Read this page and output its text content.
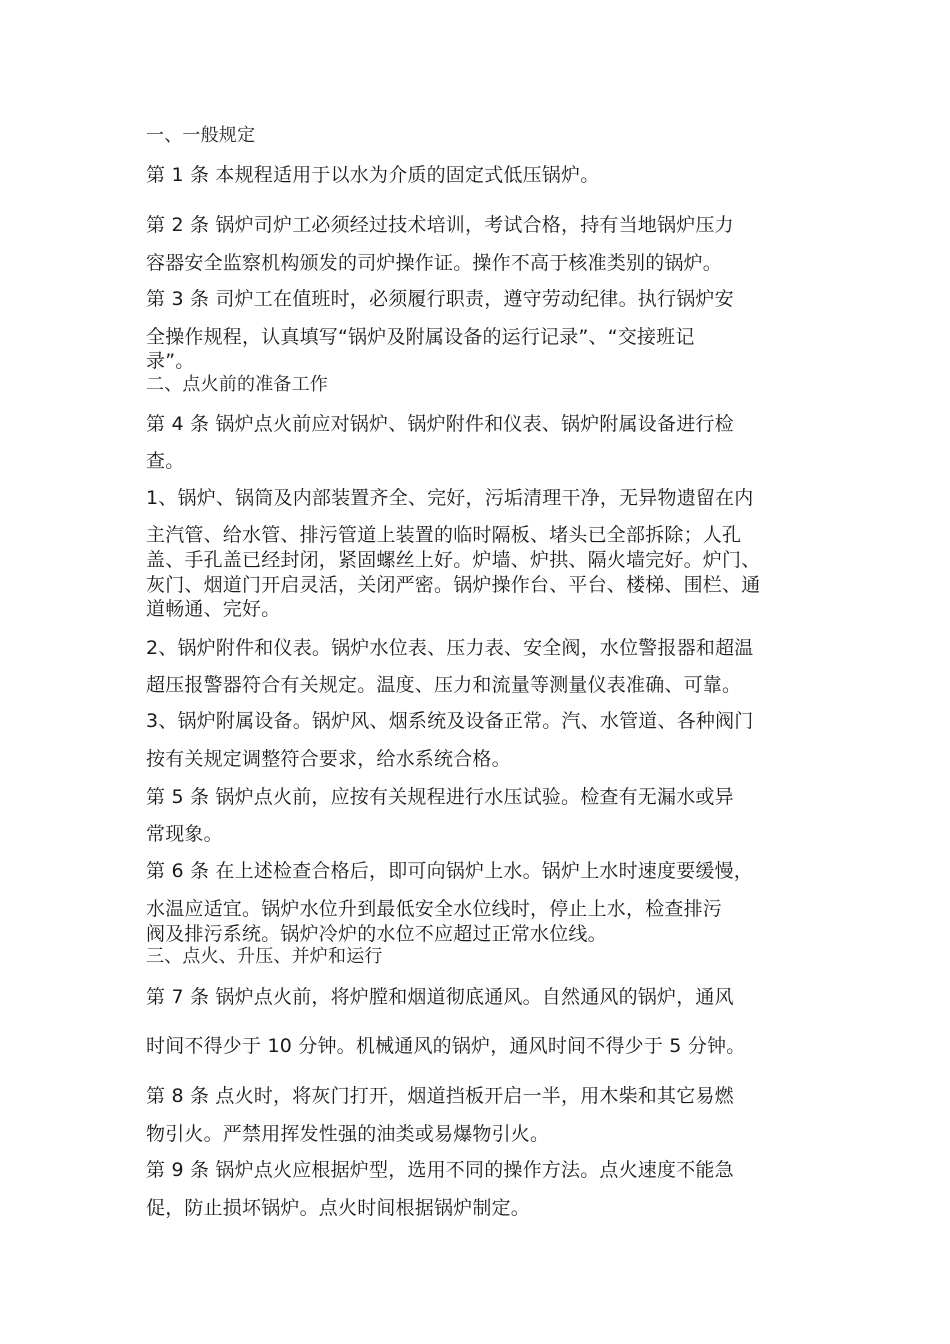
一、一般规定
第 1 条 本规程适用于以水为介质的固定式低压锅炉。
第 2 条 锅炉司炉工必须经过技术培训，考试合格，持有当地锅炉压力
容器安全监察机构颁发的司炉操作证。操作不高于核准类别的锅炉。
第 3 条 司炉工在值班时，必须履行职责，遵守劳动纪律。执行锅炉安
全操作规程，认真填写“锅炉及附属设备的运行记录”、“交接班记
录”。
二、点火前的准备工作
第 4 条 锅炉点火前应对锅炉、锅炉附件和仪表、锅炉附属设备进行检
查。
1、锅炉、锅筒及内部装置齐全、完好，污垢清理干净，无异物遗留在内
主汽管、给水管、排污管道上装置的临时隔板、堵头已全部拆除；人孔
盖、手孔盖已经封闭，紧固螺丝上好。炉墙、炉拱、隔火墙完好。炉门、
灰门、烟道门开启灵活，关闭严密。锅炉操作台、平台、楼梯、围栏、通
道畅通、完好。
2、锅炉附件和仪表。锅炉水位表、压力表、安全阀，水位警报器和超温
超压报警器符合有关规定。温度、压力和流量等测量仪表准确、可靠。
3、锅炉附属设备。锅炉风、烟系统及设备正常。汽、水管道、各种阀门
按有关规定调整符合要求，给水系统合格。
第 5 条 锅炉点火前，应按有关规程进行水压试验。检查有无漏水或异
常现象。
第 6 条 在上述检查合格后，即可向锅炉上水。锅炉上水时速度要缓慢，
水温应适宜。锅炉水位升到最低安全水位线时，停止上水，检查排污
阀及排污系统。锅炉冷炉的水位不应超过正常水位线。
三、点火、升压、并炉和运行
第 7 条 锅炉点火前，将炉膛和烟道彻底通风。自然通风的锅炉，通风
时间不得少于 10 分钟。机械通风的锅炉，通风时间不得少于 5 分钟。
第 8 条 点火时，将灰门打开，烟道挡板开启一半，用木柴和其它易燃
物引火。严禁用挥发性强的油类或易爆物引火。
第 9 条 锅炉点火应根据炉型，选用不同的操作方法。点火速度不能急
促，防止损坏锅炉。点火时间根据锅炉制定。
